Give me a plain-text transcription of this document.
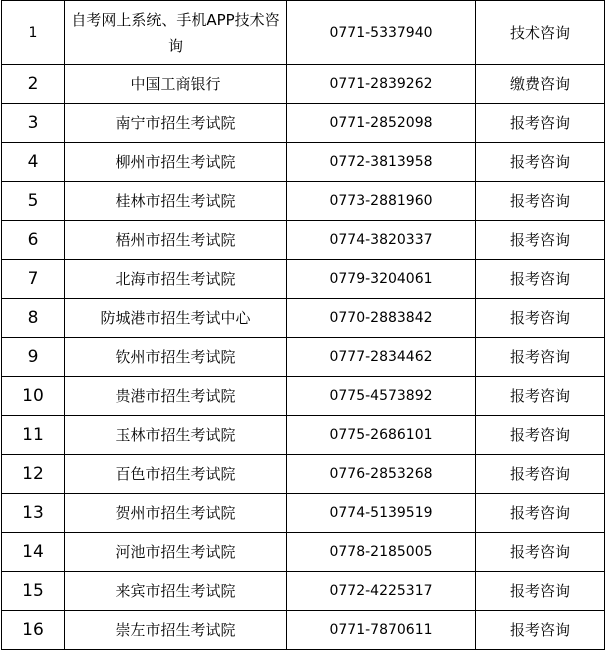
1	自考网上系统、手机APP技术咨询	0771-5337940	技术咨询
2	中国工商银行	0771-2839262	缴费咨询
3	南宁市招生考试院	0771-2852098	报考咨询
4	柳州市招生考试院	0772-3813958	报考咨询
5	桂林市招生考试院	0773-2881960	报考咨询
6	梧州市招生考试院	0774-3820337	报考咨询
7	北海市招生考试院	0779-3204061	报考咨询
8	防城港市招生考试中心	0770-2883842	报考咨询
9	钦州市招生考试院	0777-2834462	报考咨询
10	贵港市招生考试院	0775-4573892	报考咨询
11	玉林市招生考试院	0775-2686101	报考咨询
12	百色市招生考试院	0776-2853268	报考咨询
13	贺州市招生考试院	0774-5139519	报考咨询
14	河池市招生考试院	0778-2185005	报考咨询
15	来宾市招生考试院	0772-4225317	报考咨询
16	崇左市招生考试院	0771-7870611	报考咨询
